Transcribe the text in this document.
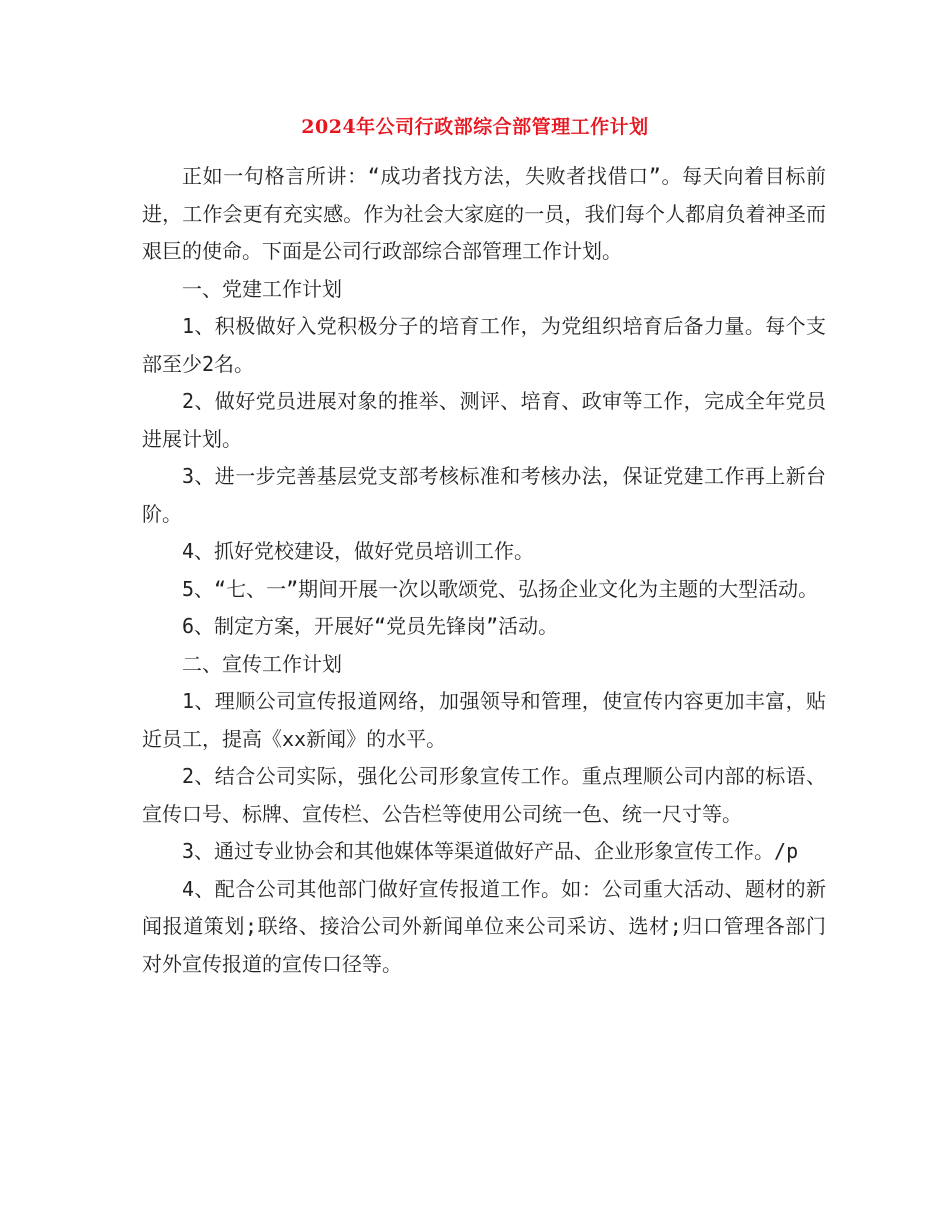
2024年公司行政部综合部管理工作计划

正如一句格言所讲：“成功者找方法，失败者找借口”。每天向着目标前进，工作会更有充实感。作为社会大家庭的一员，我们每个人都肩负着神圣而艰巨的使命。下面是公司行政部综合部管理工作计划。

一、党建工作计划

1、积极做好入党积极分子的培育工作，为党组织培育后备力量。每个支部至少2名。

2、做好党员进展对象的推举、测评、培育、政审等工作，完成全年党员进展计划。

3、进一步完善基层党支部考核标准和考核办法，保证党建工作再上新台阶。

4、抓好党校建设，做好党员培训工作。

5、“七、一”期间开展一次以歌颂党、弘扬企业文化为主题的大型活动。

6、制定方案，开展好“党员先锋岗”活动。

二、宣传工作计划

1、理顺公司宣传报道网络，加强领导和管理，使宣传内容更加丰富，贴近员工，提高《xx新闻》的水平。

2、结合公司实际，强化公司形象宣传工作。重点理顺公司内部的标语、宣传口号、标牌、宣传栏、公告栏等使用公司统一色、统一尺寸等。

3、通过专业协会和其他媒体等渠道做好产品、企业形象宣传工作。/p

4、配合公司其他部门做好宣传报道工作。如：公司重大活动、题材的新闻报道策划;联络、接洽公司外新闻单位来公司采访、选材;归口管理各部门对外宣传报道的宣传口径等。
